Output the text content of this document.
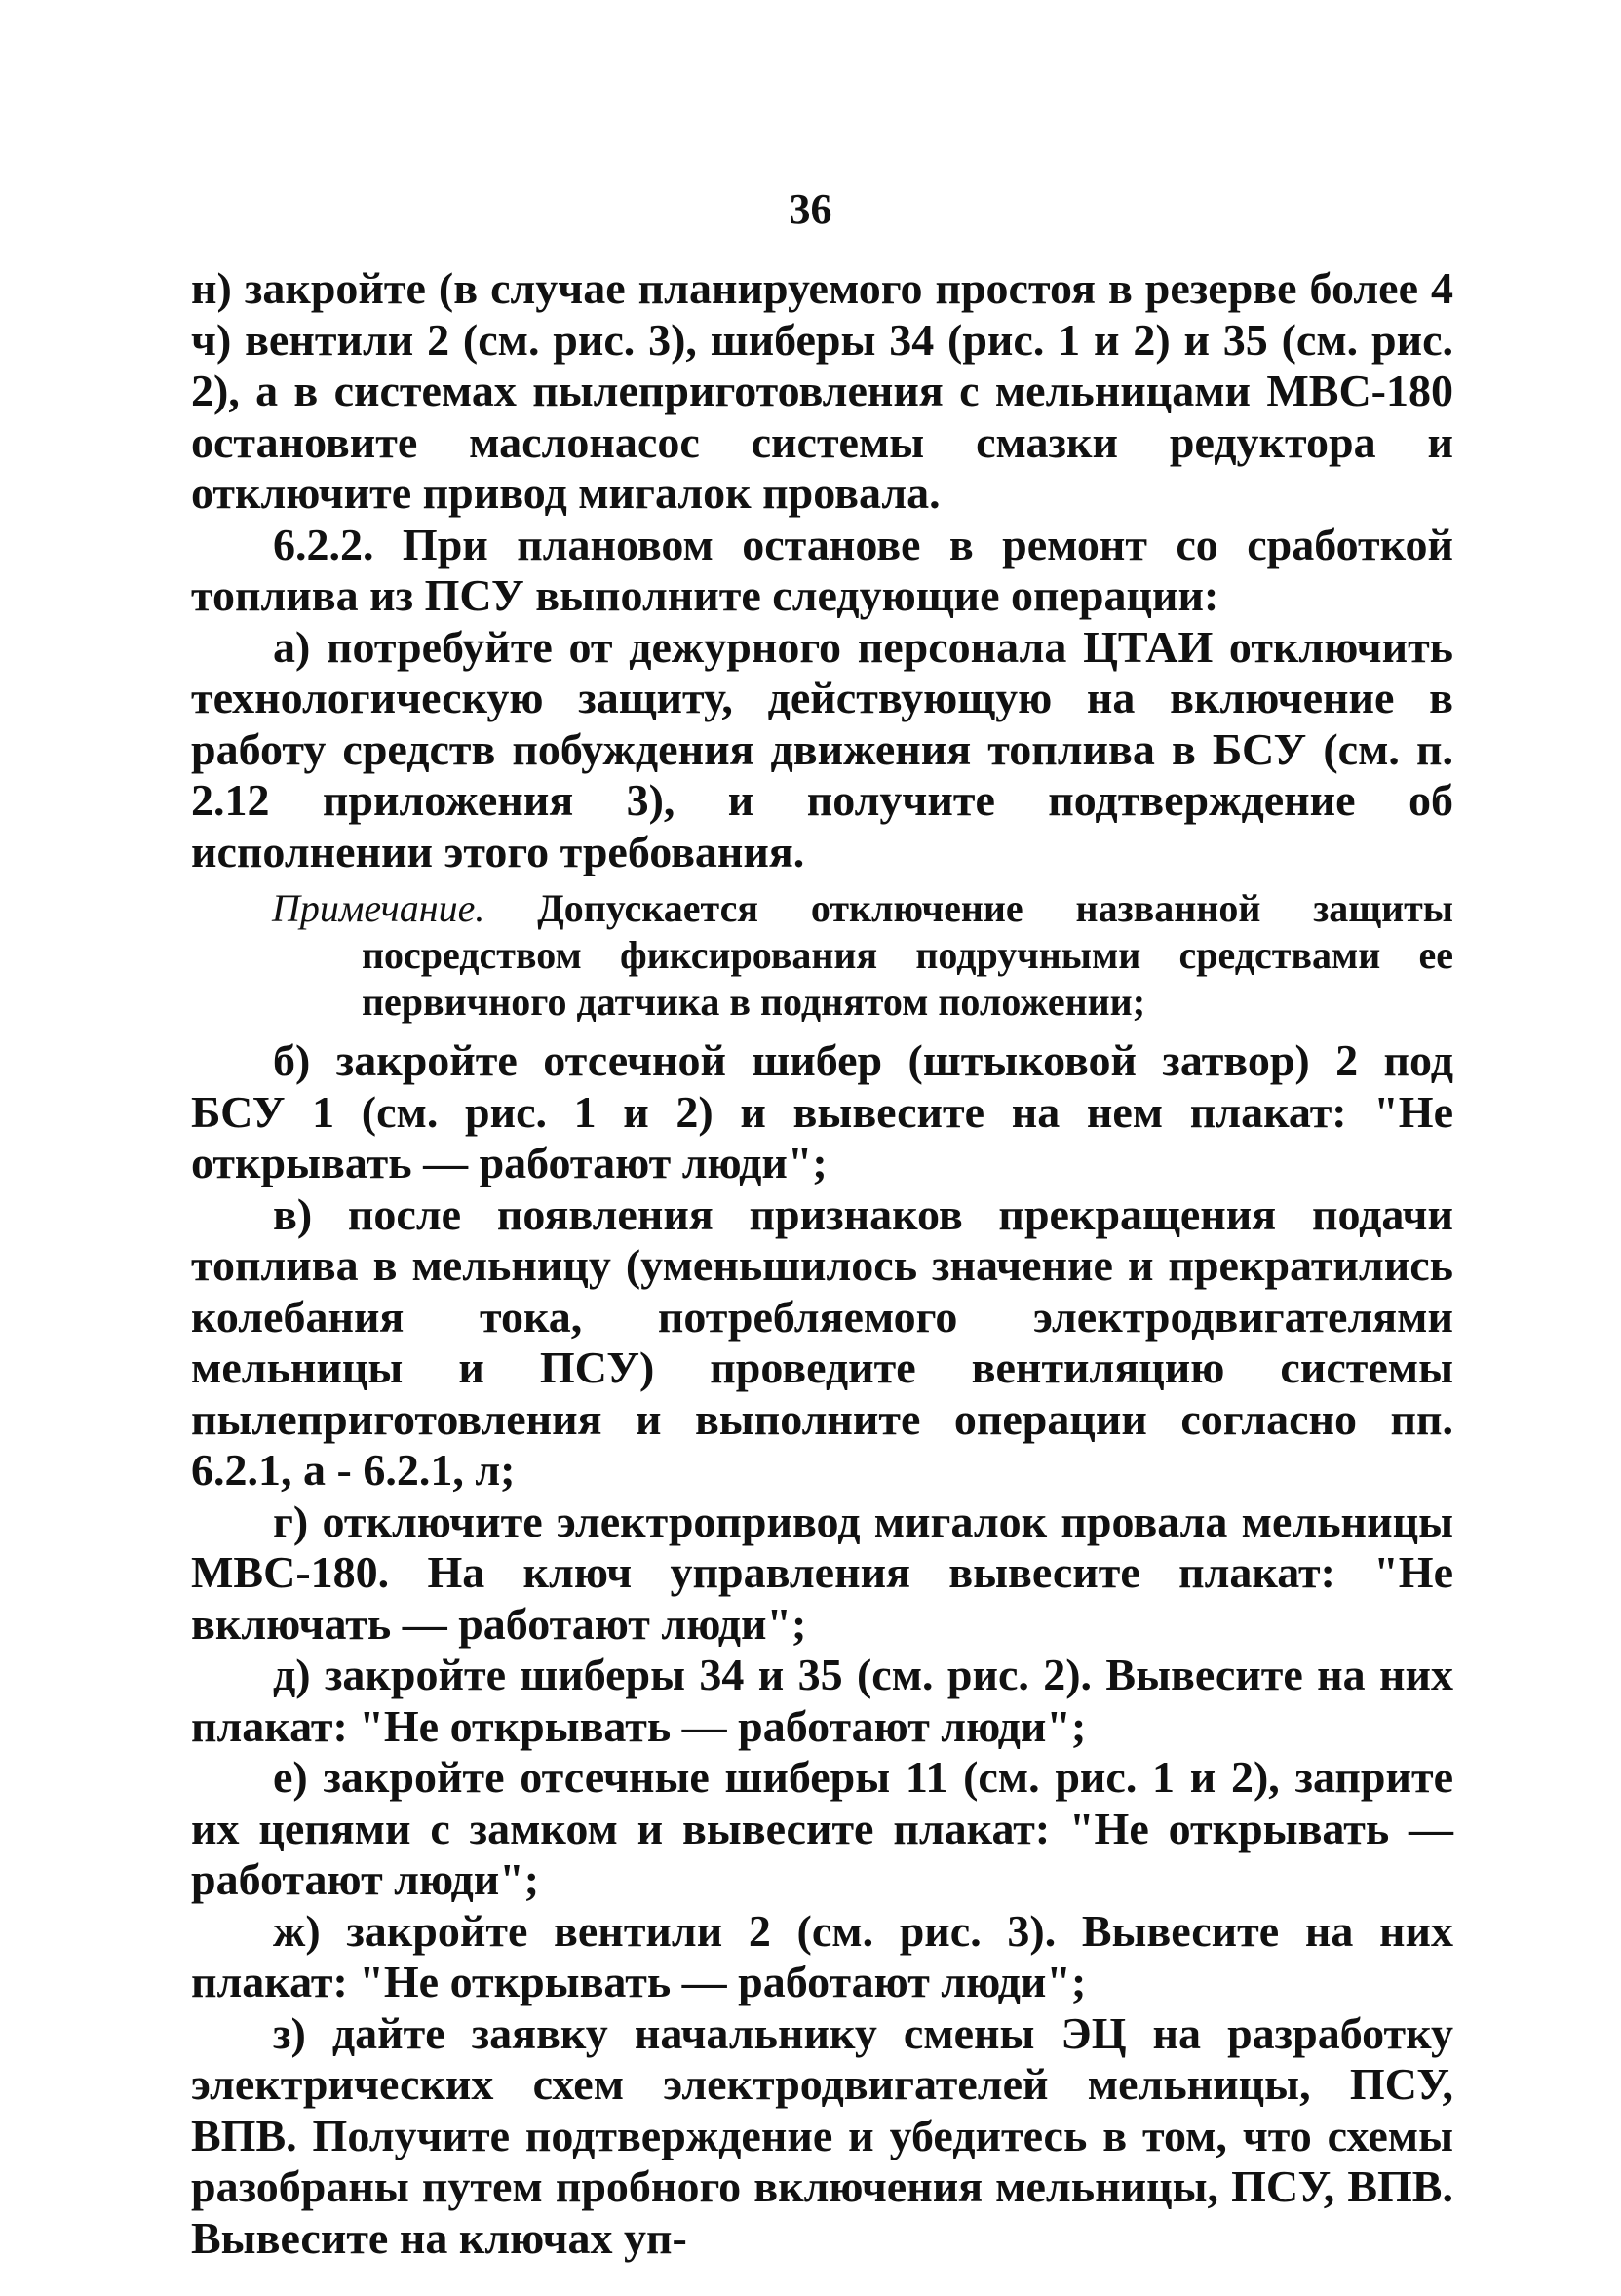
36

н) закройте (в случае планируемого простоя в резерве более 4 ч) вентили 2 (см. рис. 3), шиберы 34 (рис. 1 и 2) и 35 (см. рис. 2), а в системах пылеприготовления с мельницами МВС-180 остановите маслонасос системы смазки редуктора и отключите привод мигалок провала.

6.2.2. При плановом останове в ремонт со сработкой топлива из ПСУ выполните следующие операции:

а) потребуйте от дежурного персонала ЦТАИ отключить технологическую защиту, действующую на включение в работу средств побуждения движения топлива в БСУ (см. п. 2.12 приложения 3), и получите подтверждение об исполнении этого требования.

Примечание. Допускается отключение названной защиты посредством фиксирования подручными средствами ее первичного датчика в поднятом положении;

б) закройте отсечной шибер (штыковой затвор) 2 под БСУ 1 (см. рис. 1 и 2) и вывесите на нем плакат: "Не открывать — работают люди";

в) после появления признаков прекращения подачи топлива в мельницу (уменьшилось значение и прекратились колебания тока, потребляемого электродвигателями мельницы и ПСУ) проведите вентиляцию системы пылеприготовления и выполните операции согласно пп. 6.2.1, а - 6.2.1, л;

г) отключите электропривод мигалок провала мельницы МВС-180. На ключ управления вывесите плакат: "Не включать — работают люди";

д) закройте шиберы 34 и 35 (см. рис. 2). Вывесите на них плакат: "Не открывать — работают люди";

е) закройте отсечные шиберы 11 (см. рис. 1 и 2), заприте их цепями с замком и вывесите плакат: "Не открывать — работают люди";

ж) закройте вентили 2 (см. рис. 3). Вывесите на них плакат: "Не открывать — работают люди";

з) дайте заявку начальнику смены ЭЦ на разработку электрических схем электродвигателей мельницы, ПСУ, ВПВ. Получите подтверждение и убедитесь в том, что схемы разобраны путем пробного включения мельницы, ПСУ, ВПВ. Вывесите на ключах уп-
